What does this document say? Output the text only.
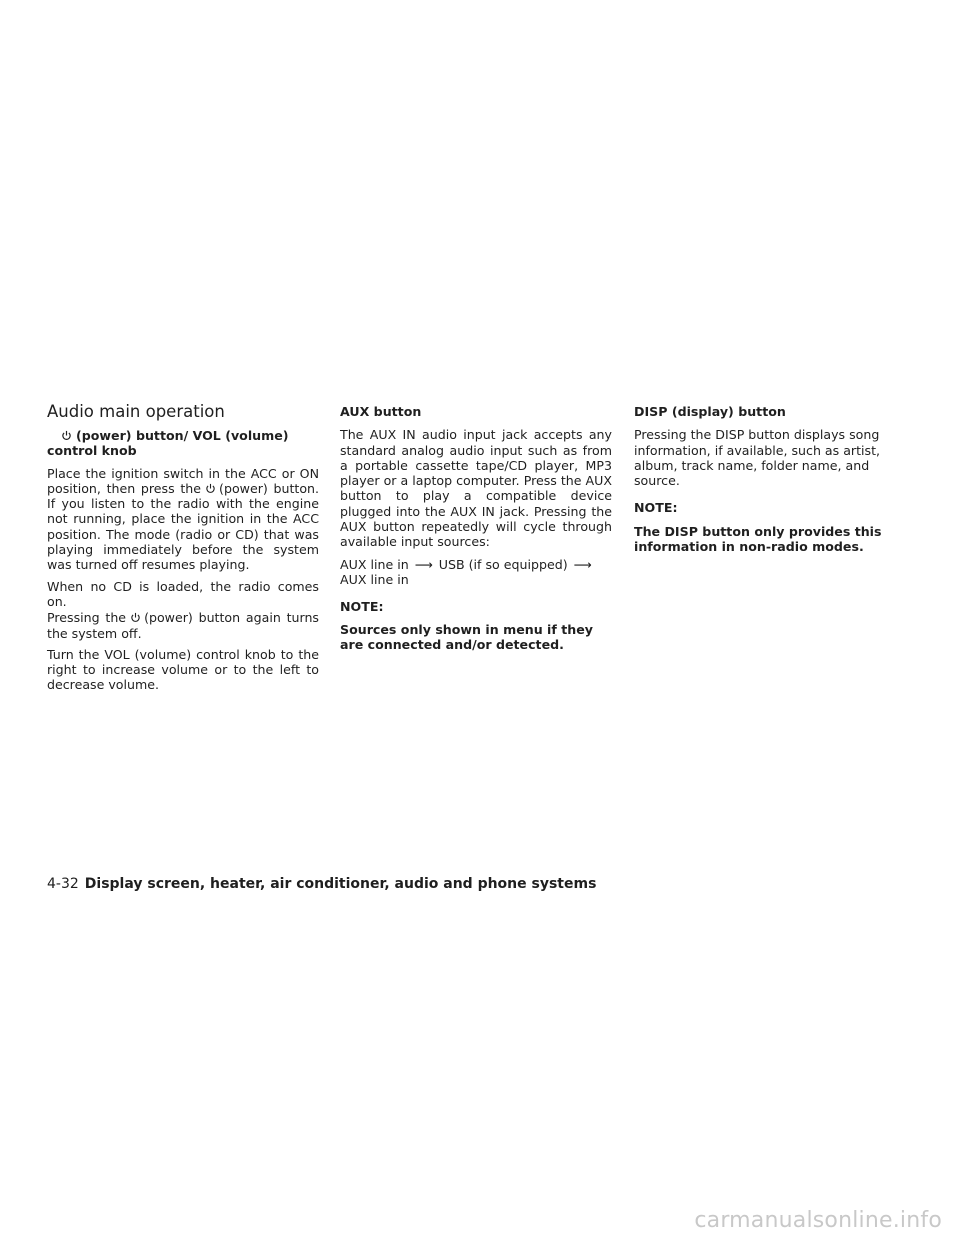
Audio main operation
(power) button/ VOL (volume)
control knob

Place the ignition switch in the ACC or ON position, then press the (power) button. If you listen to the radio with the engine not running, place the ignition in the ACC position. The mode (radio or CD) that was playing immediately before the system was turned off resumes playing.

When no CD is loaded, the radio comes on.

Pressing the (power) button again turns the system off.

Turn the VOL (volume) control knob to the right to increase volume or to the left to decrease volume.

AUX button

The AUX IN audio input jack accepts any standard analog audio input such as from a portable cassette tape/CD player, MP3 player or a laptop computer. Press the AUX button to play a compatible device plugged into the AUX IN jack. Pressing the AUX button repeatedly will cycle through available input sources:

AUX line in ⟶ USB (if so equipped) ⟶ AUX line in

NOTE:

Sources only shown in menu if they are connected and/or detected.

DISP (display) button

Pressing the DISP button displays song information, if available, such as artist, album, track name, folder name, and source.

NOTE:

The DISP button only provides this information in non-radio modes.

4-32 Display screen, heater, air conditioner, audio and phone systems
carmanualsonline.info
